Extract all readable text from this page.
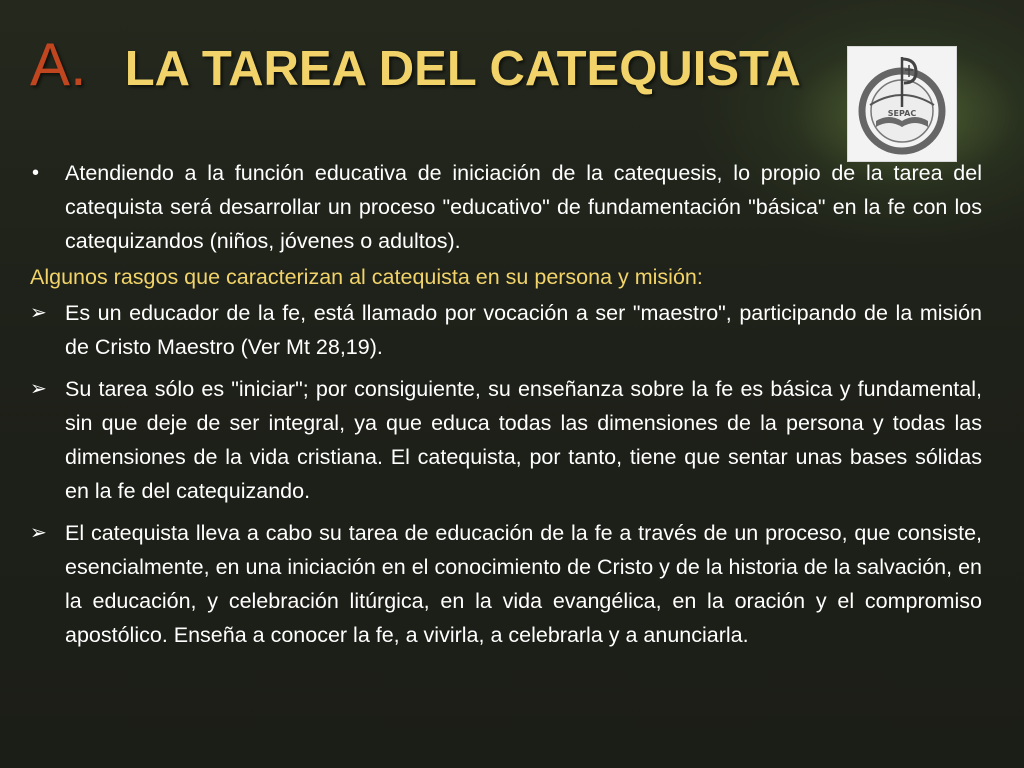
A. LA TAREA DEL CATEQUISTA
SEPAC
•	Atendiendo a la función educativa de iniciación de la catequesis, lo propio de la tarea del catequista será desarrollar un proceso "educativo" de fundamentación "básica" en la fe con los catequizandos (niños, jóvenes o adultos).
Algunos rasgos que caracterizan al catequista en su persona y misión:
➢ Es un educador de la fe, está llamado por vocación a ser "maestro", participando de la misión de Cristo Maestro (Ver Mt 28,19).
➢ Su tarea sólo es "iniciar"; por consiguiente, su enseñanza sobre la fe es básica y fundamental, sin que deje de ser integral, ya que educa todas las dimensiones de la persona y todas las dimensiones de la vida cristiana. El catequista, por tanto, tiene que sentar unas bases sólidas en la fe del catequizando.
➢ El catequista lleva a cabo su tarea de educación de la fe a través de un proceso, que consiste, esencialmente, en una iniciación en el conocimiento de Cristo y de la historia de la salvación, en la educación, y celebración litúrgica, en la vida evangélica, en la oración y el compromiso apostólico. Enseña a conocer la fe, a vivirla, a celebrarla y a anunciarla.
